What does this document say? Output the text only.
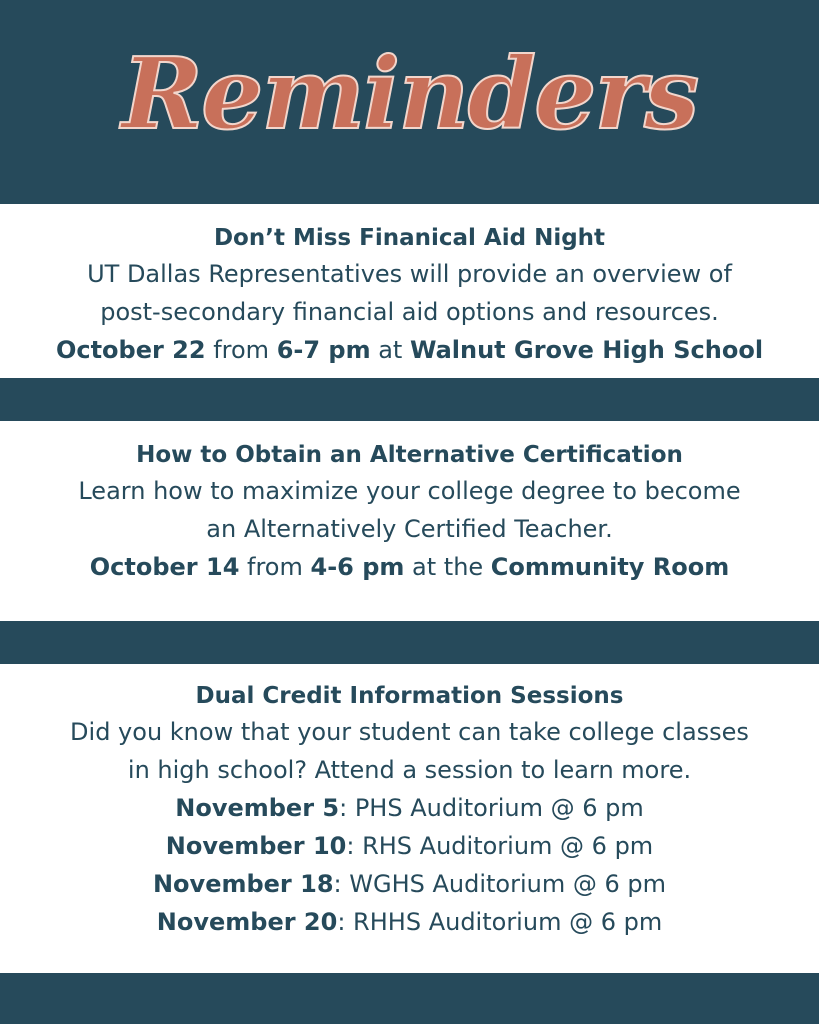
Reminders
Don’t Miss Finanical Aid Night
UT Dallas Representatives will provide an overview of
post-secondary financial aid options and resources.
October 22 from 6-7 pm at Walnut Grove High School
How to Obtain an Alternative Certification
Learn how to maximize your college degree to become
an Alternatively Certified Teacher.
October 14 from 4-6 pm at the Community Room
Dual Credit Information Sessions
Did you know that your student can take college classes
in high school? Attend a session to learn more.
November 5: PHS Auditorium @ 6 pm
November 10: RHS Auditorium @ 6 pm
November 18: WGHS Auditorium @ 6 pm
November 20: RHHS Auditorium @ 6 pm
